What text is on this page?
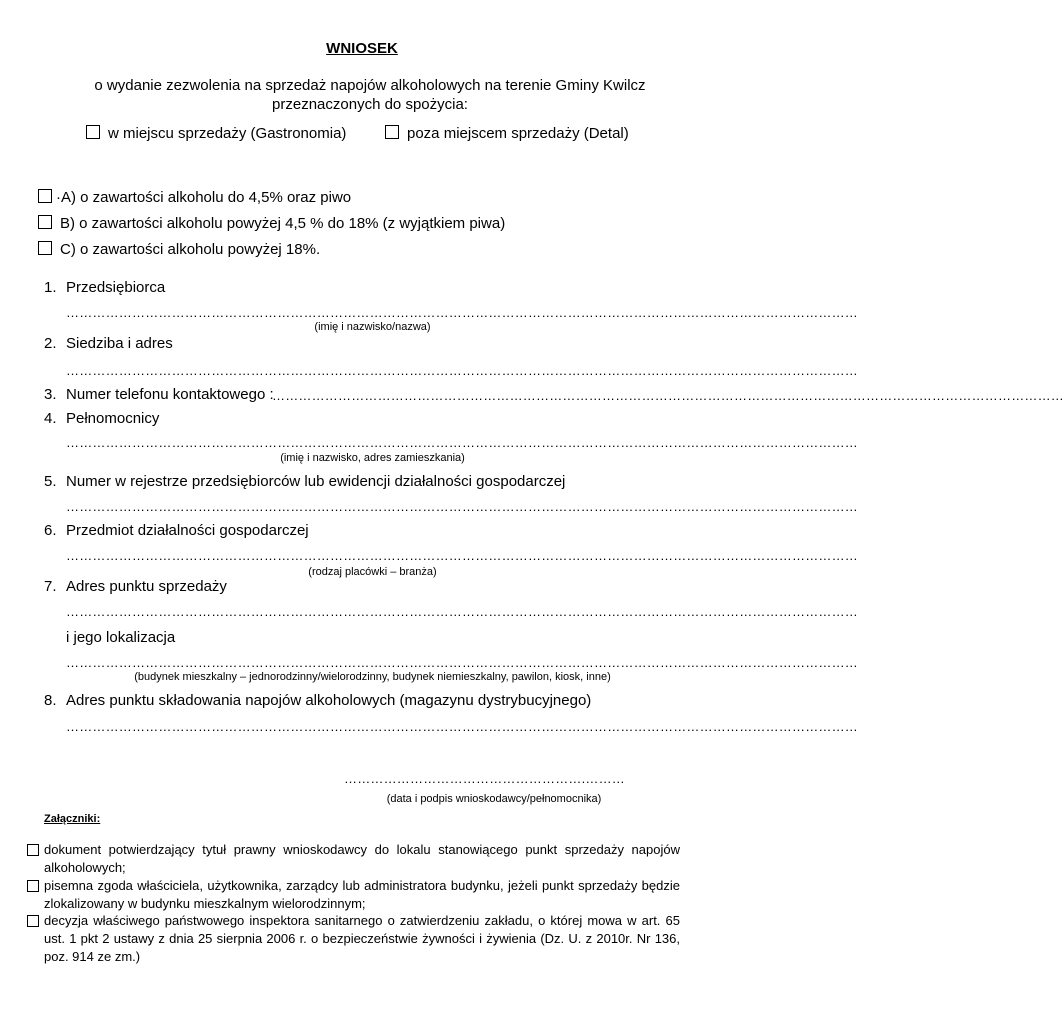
WNIOSEK
o wydanie zezwolenia na sprzedaż napojów alkoholowych na terenie Gminy Kwilcz
przeznaczonych do spożycia:
w miejscu sprzedaży (Gastronomia)	poza miejscem sprzedaży (Detal)
·A) o zawartości alkoholu do 4,5% oraz piwo
B) o zawartości alkoholu powyżej 4,5 % do 18% (z wyjątkiem piwa)
C) o zawartości alkoholu powyżej 18%.
1. Przedsiębiorca
………………………………………………………………………………………………………………………………………………………………
(imię i nazwisko/nazwa)
2. Siedziba i adres
………………………………………………………………………………………………………………………………………………………………
3. Numer telefonu kontaktowego :
………………………………………………………………………………………………………………………………………………………………
4. Pełnomocnicy
………………………………………………………………………………………………………………………………………………………………
(imię i nazwisko, adres zamieszkania)
5. Numer w rejestrze przedsiębiorców lub ewidencji działalności gospodarczej
………………………………………………………………………………………………………………………………………………………………
6. Przedmiot działalności gospodarczej
………………………………………………………………………………………………………………………………………………………………
(rodzaj placówki – branża)
7. Adres punktu sprzedaży
………………………………………………………………………………………………………………………………………………………………
i jego lokalizacja
………………………………………………………………………………………………………………………………………………………………
(budynek mieszkalny – jednorodzinny/wielorodzinny, budynek niemieszkalny, pawilon, kiosk, inne)
8. Adres punktu składowania napojów alkoholowych (magazynu dystrybucyjnego)
………………………………………………………………………………………………………………………………………………………………
……………………………………………….………
(data i podpis wnioskodawcy/pełnomocnika)
Załączniki:
dokument potwierdzający tytuł prawny wnioskodawcy do lokalu stanowiącego punkt sprzedaży napojów alkoholowych;
pisemna zgoda właściciela, użytkownika, zarządcy lub administratora budynku, jeżeli punkt sprzedaży będzie zlokalizowany w budynku mieszkalnym wielorodzinnym;
decyzja właściwego państwowego inspektora sanitarnego o zatwierdzeniu zakładu, o której mowa w art. 65 ust. 1 pkt 2 ustawy z dnia 25 sierpnia 2006 r. o bezpieczeństwie żywności i żywienia (Dz. U. z 2010r. Nr 136, poz. 914 ze zm.)
